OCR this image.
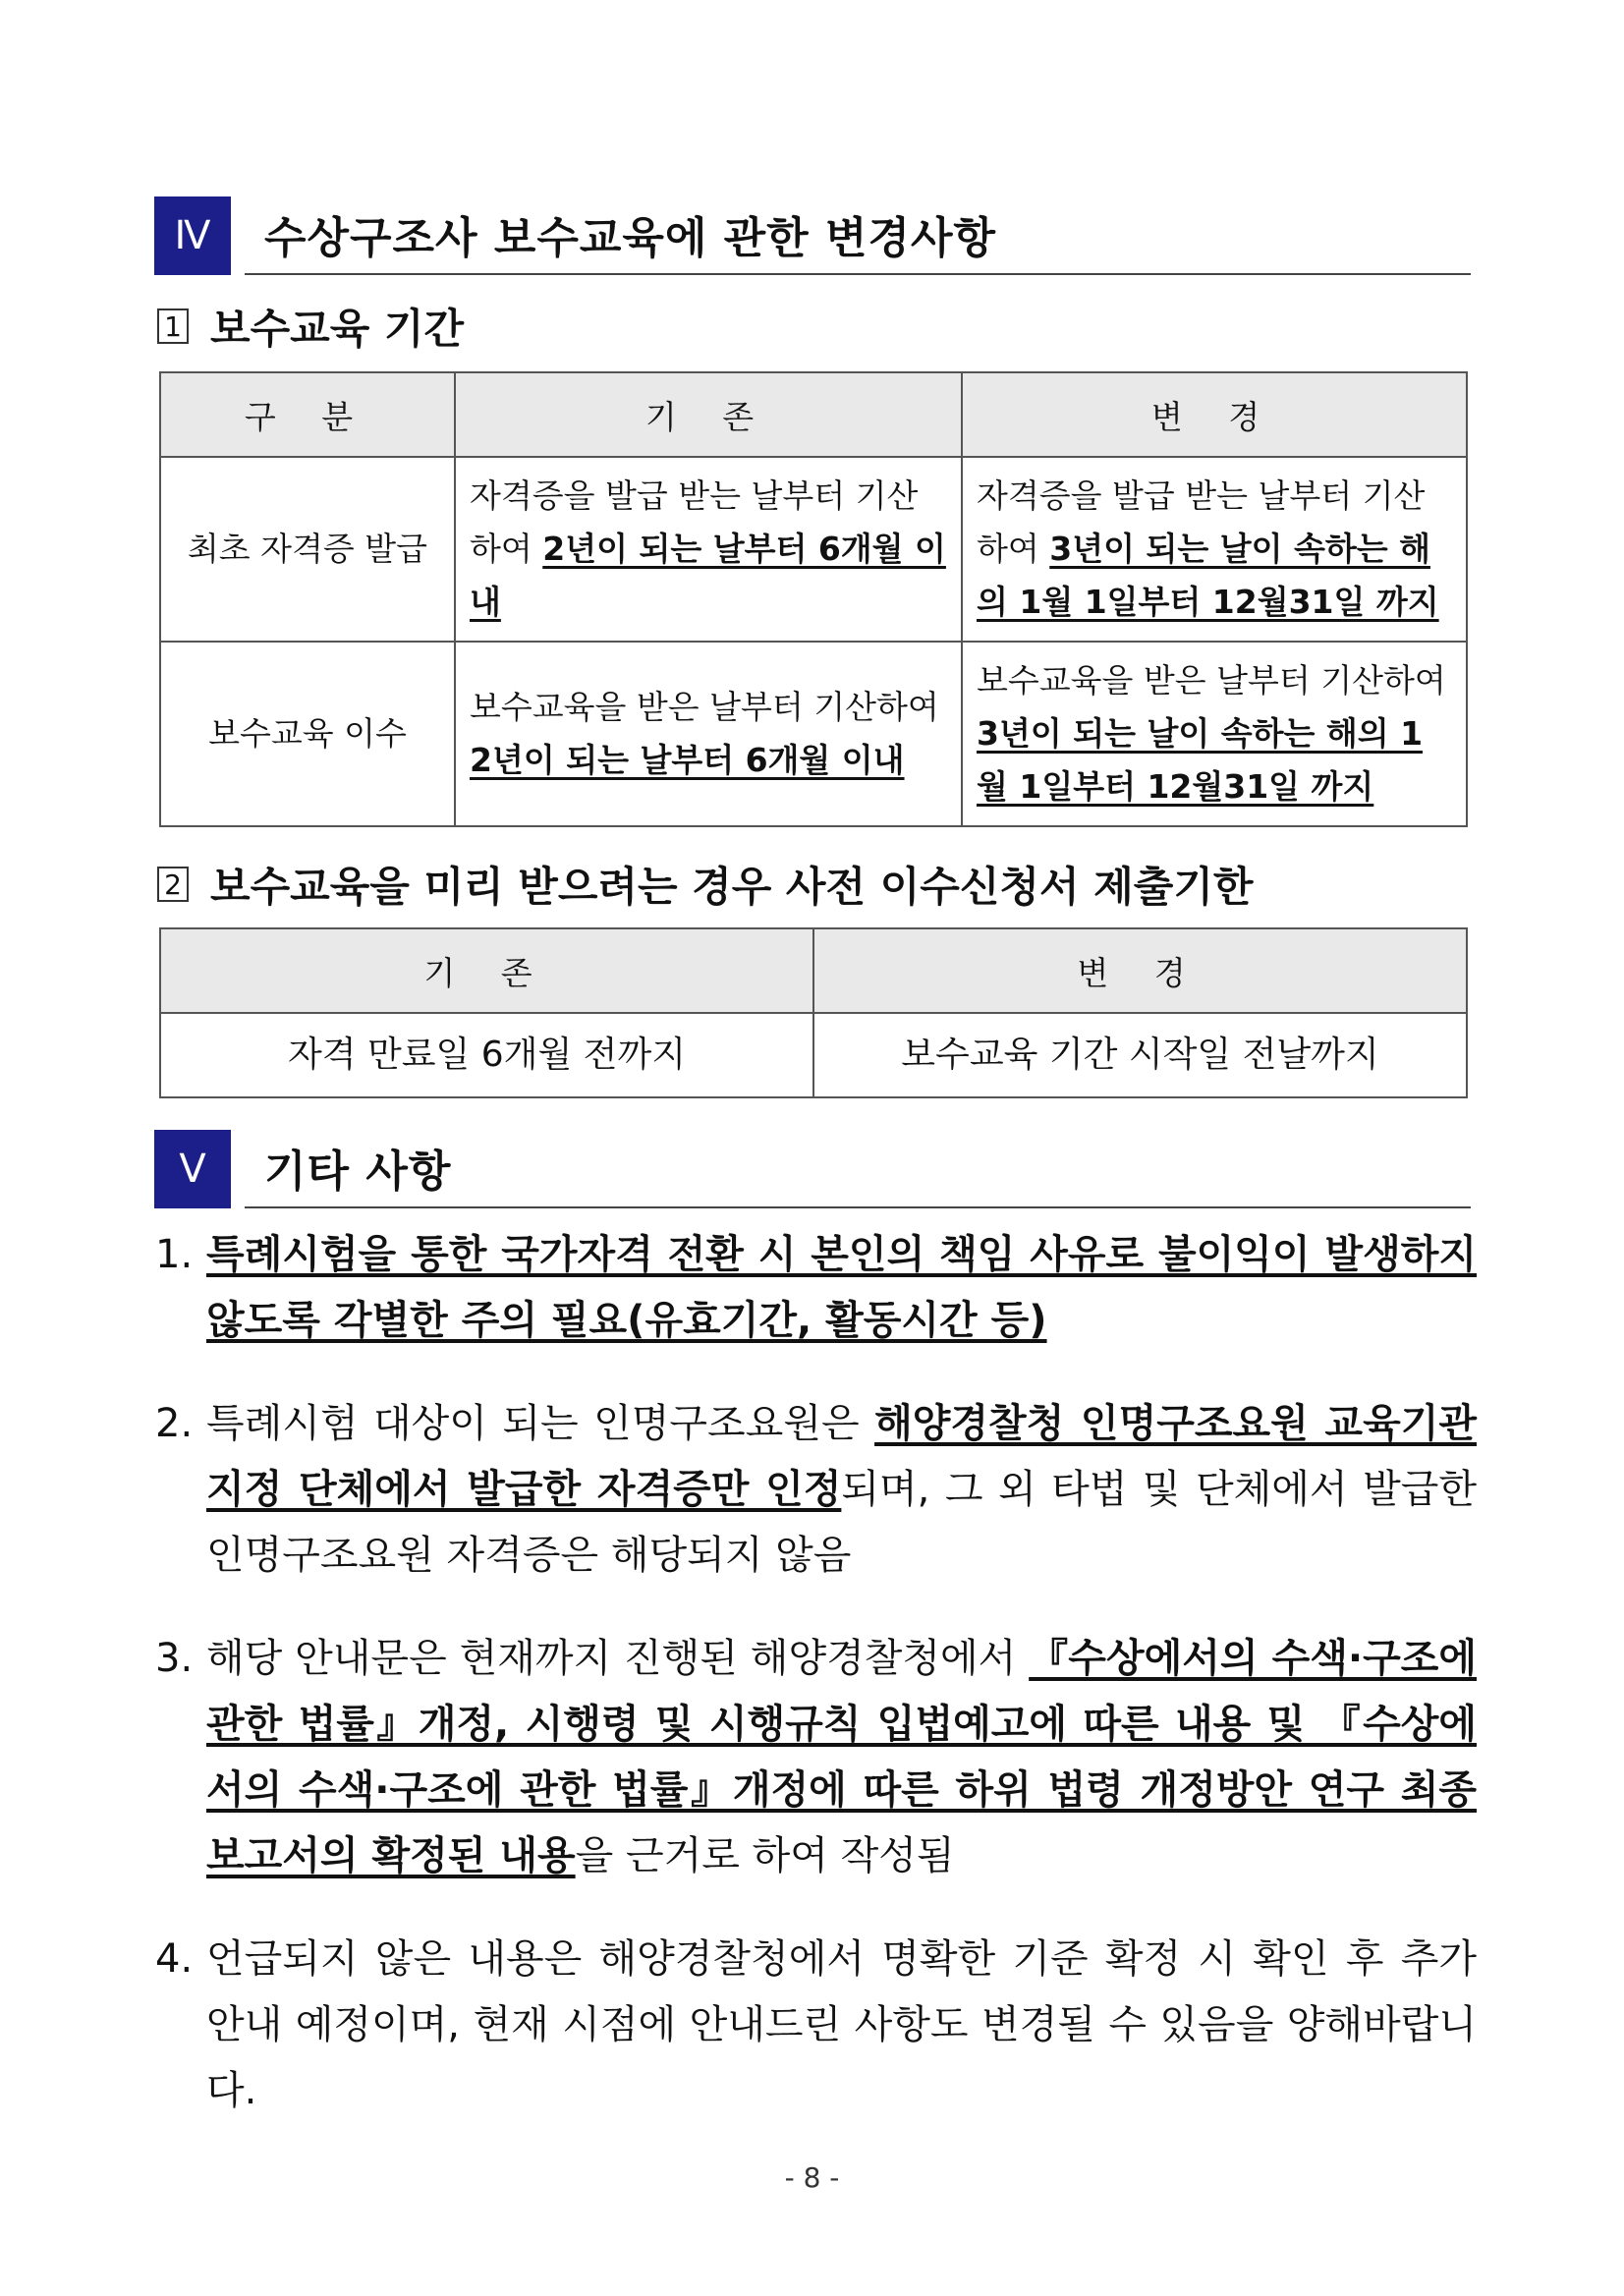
Ⅳ	수상구조사 보수교육에 관한 변경사항
1 보수교육 기간
구 분	기 존	변 경
최초 자격증 발급	자격증을 발급 받는 날부터 기산하여 2년이 되는 날부터 6개월 이내	자격증을 발급 받는 날부터 기산하여 3년이 되는 날이 속하는 해의 1월 1일부터 12월31일 까지
보수교육 이수	보수교육을 받은 날부터 기산하여 2년이 되는 날부터 6개월 이내	보수교육을 받은 날부터 기산하여 3년이 되는 날이 속하는 해의 1월 1일부터 12월31일 까지
2 보수교육을 미리 받으려는 경우 사전 이수신청서 제출기한
기 존	변 경
자격 만료일 6개월 전까지	보수교육 기간 시작일 전날까지
Ⅴ	기타 사항
1. 특례시험을 통한 국가자격 전환 시 본인의 책임 사유로 불이익이 발생하지 않도록 각별한 주의 필요(유효기간, 활동시간 등)
2. 특례시험 대상이 되는 인명구조요원은 해양경찰청 인명구조요원 교육기관 지정 단체에서 발급한 자격증만 인정되며, 그 외 타법 및 단체에서 발급한 인명구조요원 자격증은 해당되지 않음
3. 해당 안내문은 현재까지 진행된 해양경찰청에서 『수상에서의 수색·구조에 관한 법률』개정, 시행령 및 시행규칙 입법예고에 따른 내용 및 『수상에서의 수색·구조에 관한 법률』개정에 따른 하위 법령 개정방안 연구 최종보고서의 확정된 내용을 근거로 하여 작성됨
4. 언급되지 않은 내용은 해양경찰청에서 명확한 기준 확정 시 확인 후 추가 안내 예정이며, 현재 시점에 안내드린 사항도 변경될 수 있음을 양해바랍니다.
- 8 -
